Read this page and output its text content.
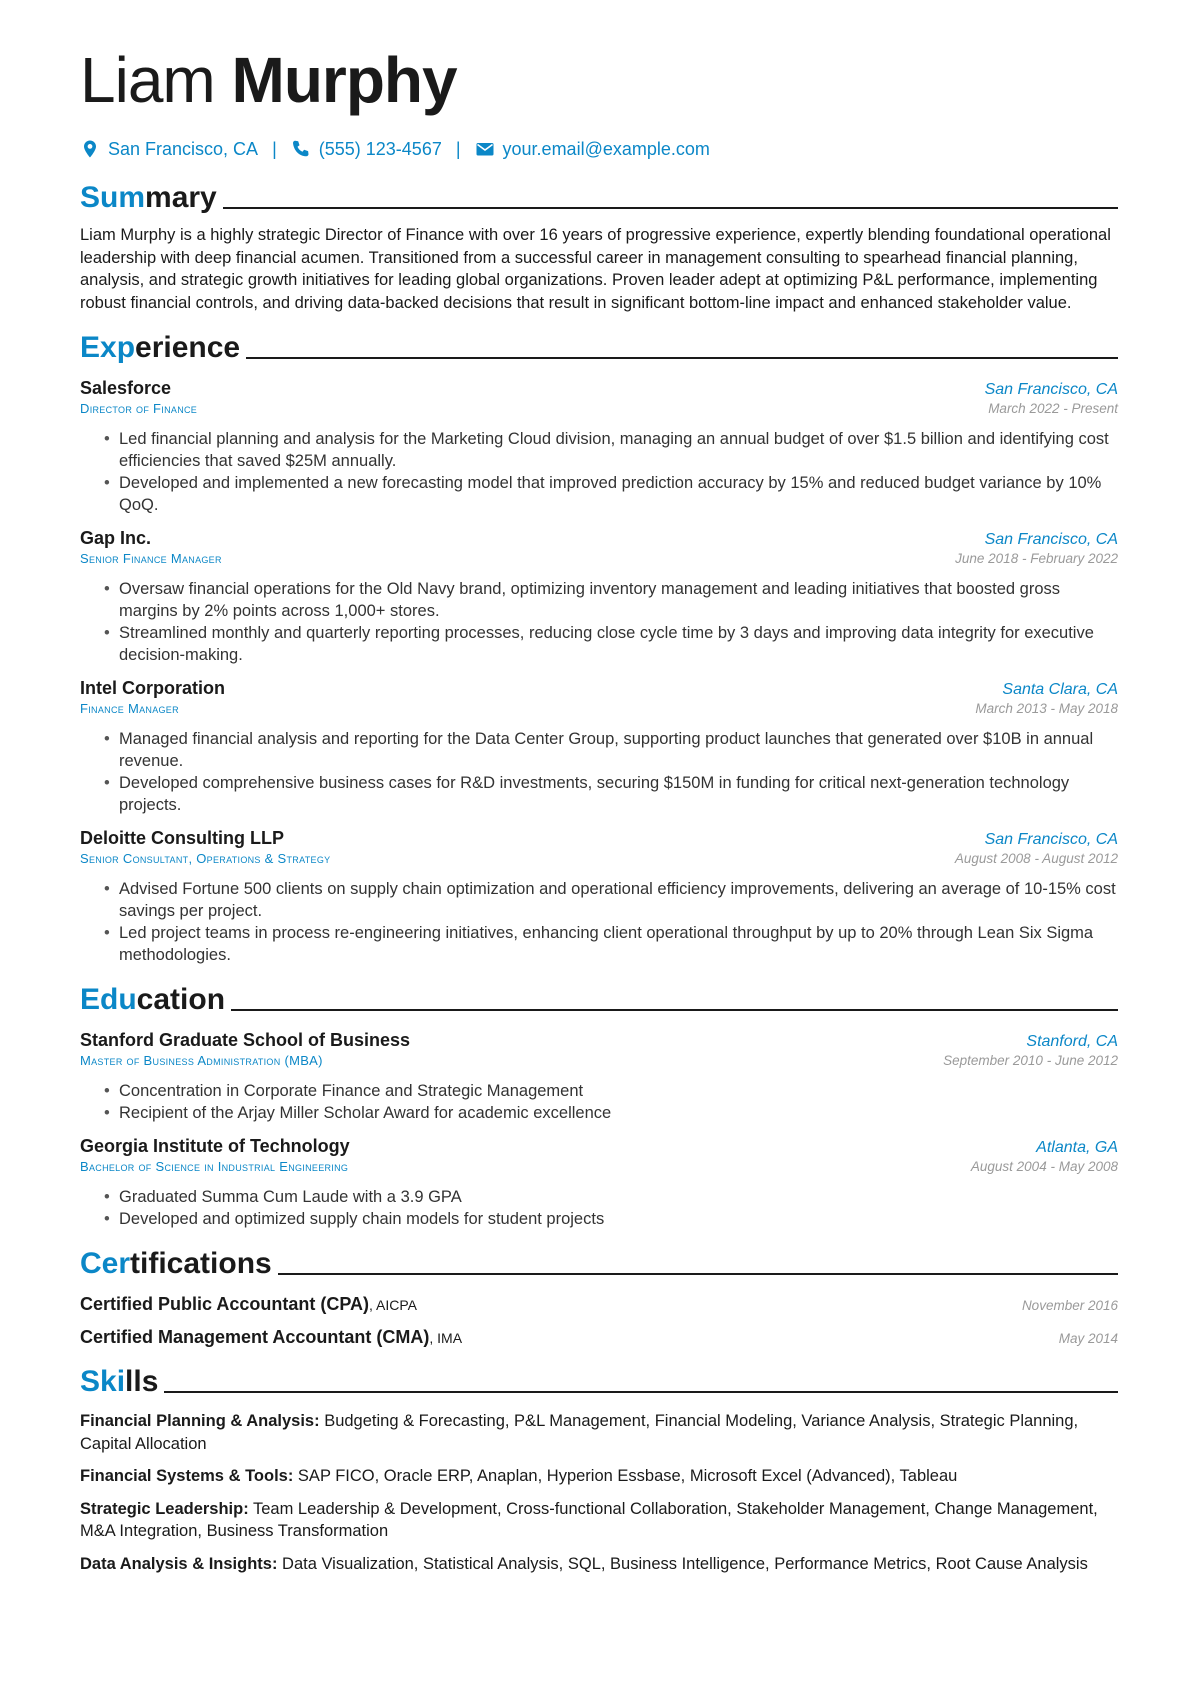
Liam Murphy
San Francisco, CA | (555) 123-4567 | your.email@example.com
Summary
Liam Murphy is a highly strategic Director of Finance with over 16 years of progressive experience, expertly blending foundational operational leadership with deep financial acumen. Transitioned from a successful career in management consulting to spearhead financial planning, analysis, and strategic growth initiatives for leading global organizations. Proven leader adept at optimizing P&L performance, implementing robust financial controls, and driving data-backed decisions that result in significant bottom-line impact and enhanced stakeholder value.
Experience
Salesforce	San Francisco, CA
Director of Finance	March 2022 - Present
• Led financial planning and analysis for the Marketing Cloud division, managing an annual budget of over $1.5 billion and identifying cost efficiencies that saved $25M annually.
• Developed and implemented a new forecasting model that improved prediction accuracy by 15% and reduced budget variance by 10% QoQ.
Gap Inc.	San Francisco, CA
Senior Finance Manager	June 2018 - February 2022
• Oversaw financial operations for the Old Navy brand, optimizing inventory management and leading initiatives that boosted gross margins by 2% points across 1,000+ stores.
• Streamlined monthly and quarterly reporting processes, reducing close cycle time by 3 days and improving data integrity for executive decision-making.
Intel Corporation	Santa Clara, CA
Finance Manager	March 2013 - May 2018
• Managed financial analysis and reporting for the Data Center Group, supporting product launches that generated over $10B in annual revenue.
• Developed comprehensive business cases for R&D investments, securing $150M in funding for critical next-generation technology projects.
Deloitte Consulting LLP	San Francisco, CA
Senior Consultant, Operations & Strategy	August 2008 - August 2012
• Advised Fortune 500 clients on supply chain optimization and operational efficiency improvements, delivering an average of 10-15% cost savings per project.
• Led project teams in process re-engineering initiatives, enhancing client operational throughput by up to 20% through Lean Six Sigma methodologies.
Education
Stanford Graduate School of Business	Stanford, CA
Master of Business Administration (MBA)	September 2010 - June 2012
• Concentration in Corporate Finance and Strategic Management
• Recipient of the Arjay Miller Scholar Award for academic excellence
Georgia Institute of Technology	Atlanta, GA
Bachelor of Science in Industrial Engineering	August 2004 - May 2008
• Graduated Summa Cum Laude with a 3.9 GPA
• Developed and optimized supply chain models for student projects
Certifications
Certified Public Accountant (CPA), AICPA	November 2016
Certified Management Accountant (CMA), IMA	May 2014
Skills
Financial Planning & Analysis: Budgeting & Forecasting, P&L Management, Financial Modeling, Variance Analysis, Strategic Planning, Capital Allocation
Financial Systems & Tools: SAP FICO, Oracle ERP, Anaplan, Hyperion Essbase, Microsoft Excel (Advanced), Tableau
Strategic Leadership: Team Leadership & Development, Cross-functional Collaboration, Stakeholder Management, Change Management, M&A Integration, Business Transformation
Data Analysis & Insights: Data Visualization, Statistical Analysis, SQL, Business Intelligence, Performance Metrics, Root Cause Analysis
